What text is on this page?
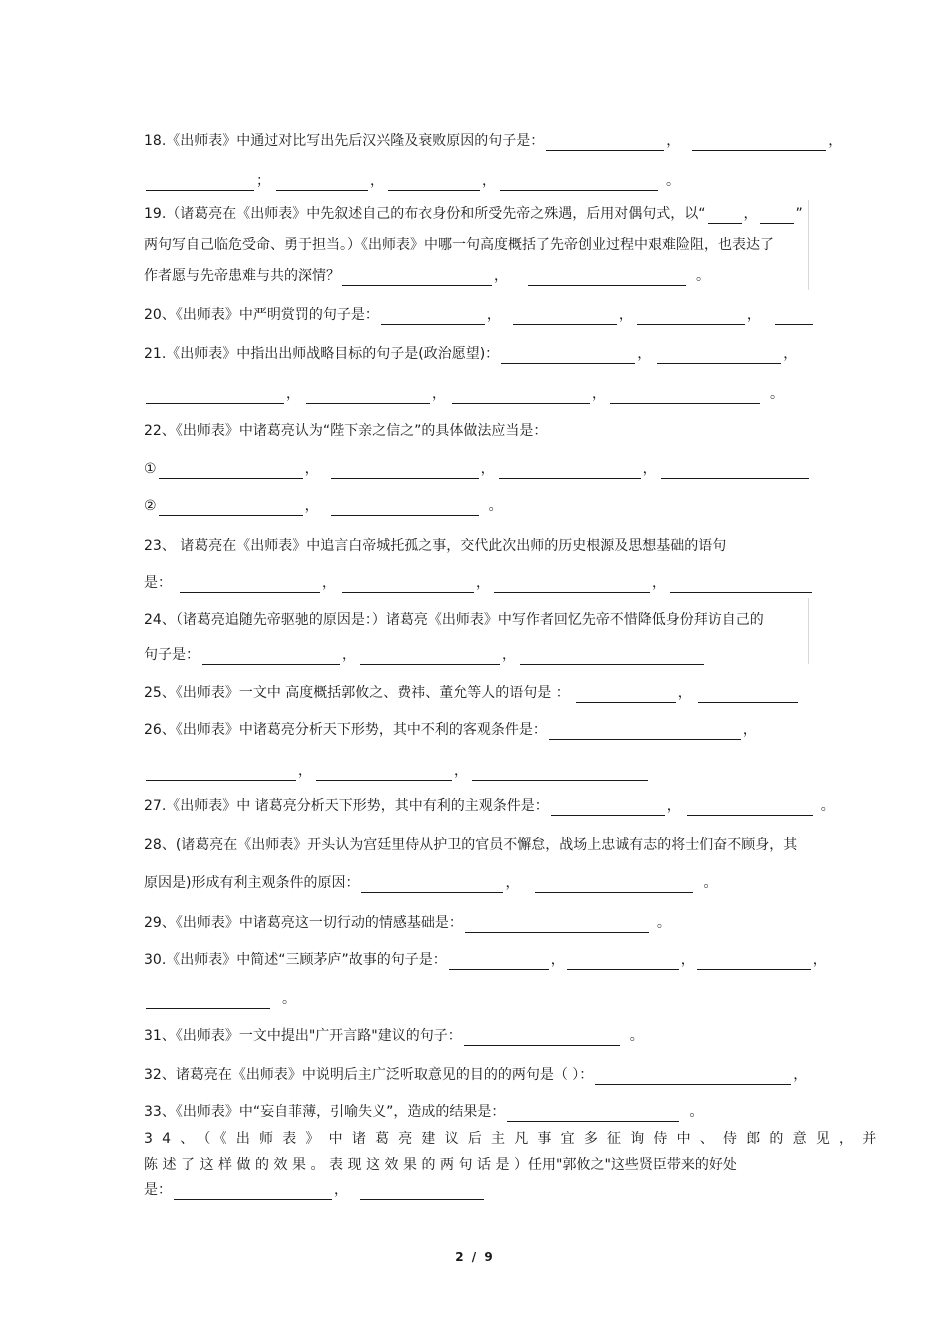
18.《出师表》中通过对比写出先后汉兴隆及衰败原因的句子是：	，	，
；	，	，	。
19.（诸葛亮在《出师表》中先叙述自己的布衣身份和所受先帝之殊遇，后用对偶句式，以“	，	”
两句写自己临危受命、勇于担当。）《出师表》中哪一句高度概括了先帝创业过程中艰难险阻，也表达了
作者愿与先帝患难与共的深情？	，	。
20、《出师表》中严明赏罚的句子是：	，	，	，
21.《出师表》中指出出师战略目标的句子是(政治愿望)：	，	，
，	，	，	。
22、《出师表》中诸葛亮认为“陛下亲之信之”的具体做法应当是：
①	，	，	，
②	，	。
23、 诸葛亮在《出师表》中追言白帝城托孤之事，交代此次出师的历史根源及思想基础的语句
是：	，	，	，
24、（诸葛亮追随先帝驱驰的原因是：）诸葛亮《出师表》中写作者回忆先帝不惜降低身份拜访自己的
句子是：	，	，
25、《出师表》一文中 高度概括郭攸之、费祎、董允等人的语句是 ：	，
26、《出师表》中诸葛亮分析天下形势，其中不利的客观条件是：	，
，	，
27.《出师表》中 诸葛亮分析天下形势，其中有利的主观条件是：	，	。
28、(诸葛亮在《出师表》开头认为宫廷里侍从护卫的官员不懈怠，战场上忠诚有志的将士们奋不顾身，其
原因是)形成有利主观条件的原因：	，	。
29、《出师表》中诸葛亮这一切行动的情感基础是：	。
30.《出师表》中简述“三顾茅庐”故事的句子是：	，	，	，
。
31、《出师表》一文中提出"广开言路"建议的句子：	。
32、诸葛亮在《出师表》中说明后主广泛听取意见的目的的两句是（ ）：	，
33、《出师表》中“妄自菲薄，引喻失义”，造成的结果是：	。
34、（《出师表》中诸葛亮建议后主凡事宜多征询侍中、侍郎的意见，并
陈述了这样做的效果。表现这效果的两句话是）任用"郭攸之"这些贤臣带来的好处
是：	，
2 / 9
